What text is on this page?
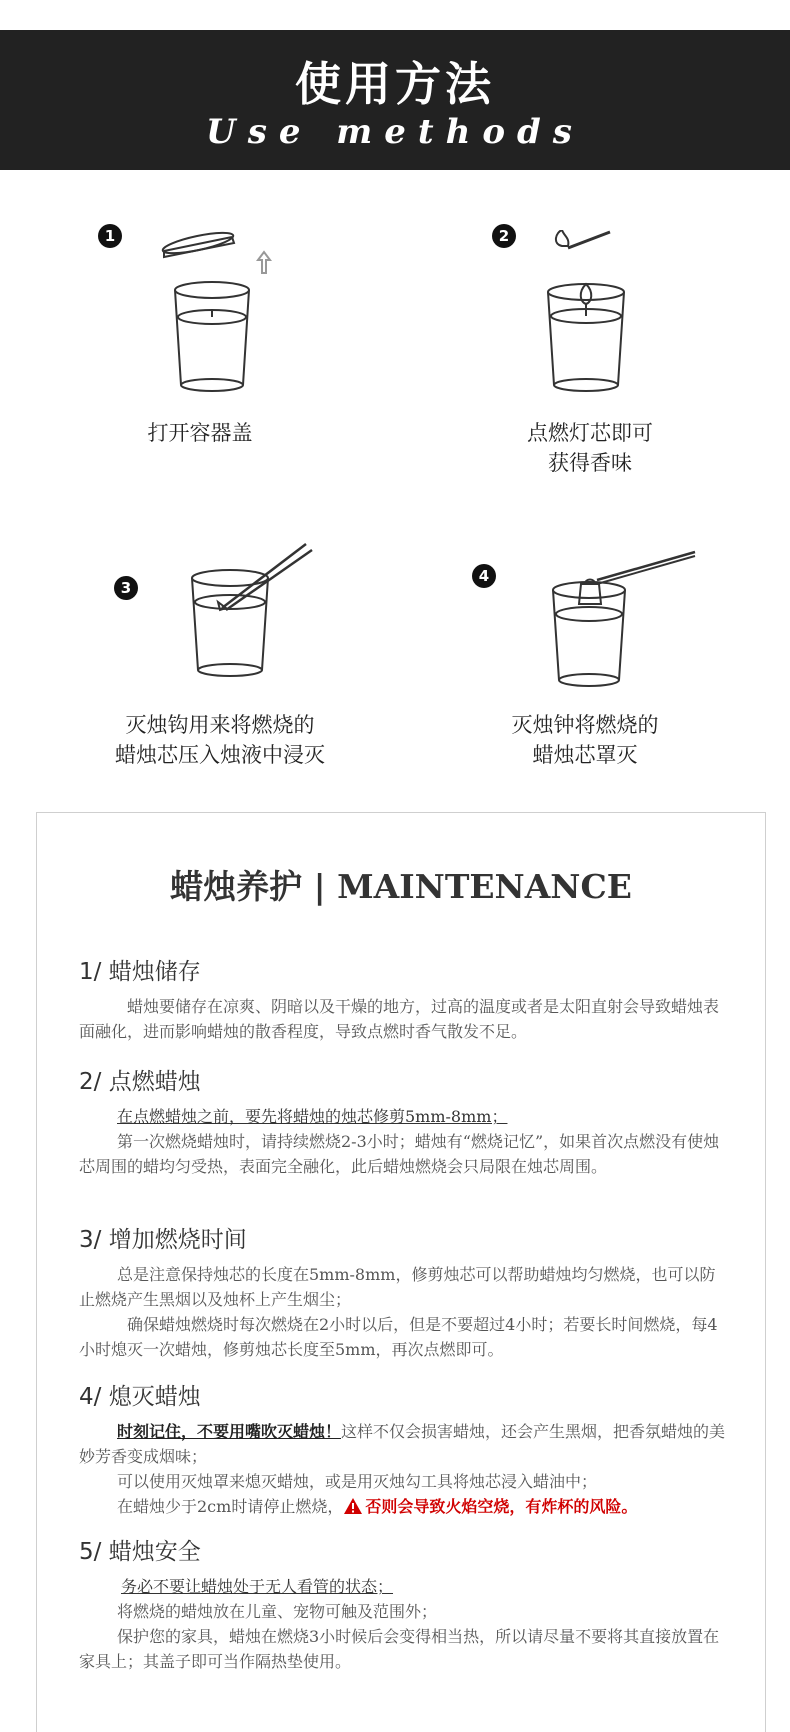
使用方法
Use methods
1
打开容器盖
2
点燃灯芯即可
获得香味
3
灭烛钩用来将燃烧的
蜡烛芯压入烛液中浸灭
4
灭烛钟将燃烧的
蜡烛芯罩灭
蜡烛养护 | MAINTENANCE
1/ 蜡烛储存

蜡烛要储存在凉爽、阴暗以及干燥的地方，过高的温度或者是太阳直射会导致蜡烛表面融化，进而影响蜡烛的散香程度，导致点燃时香气散发不足。

2/ 点燃蜡烛

在点燃蜡烛之前，要先将蜡烛的烛芯修剪5mm-8mm；

第一次燃烧蜡烛时，请持续燃烧2-3小时；蜡烛有“燃烧记忆”，如果首次点燃没有使烛芯周围的蜡均匀受热，表面完全融化，此后蜡烛燃烧会只局限在烛芯周围。

3/ 增加燃烧时间

总是注意保持烛芯的长度在5mm-8mm，修剪烛芯可以帮助蜡烛均匀燃烧，也可以防止燃烧产生黑烟以及烛杯上产生烟尘；

确保蜡烛燃烧时每次燃烧在2小时以后，但是不要超过4小时；若要长时间燃烧，每4小时熄灭一次蜡烛，修剪烛芯长度至5mm，再次点燃即可。

4/ 熄灭蜡烛

时刻记住，不要用嘴吹灭蜡烛！这样不仅会损害蜡烛，还会产生黑烟，把香氛蜡烛的美妙芳香变成烟味；

可以使用灭烛罩来熄灭蜡烛，或是用灭烛勾工具将烛芯浸入蜡油中；

在蜡烛少于2cm时请停止燃烧， 否则会导致火焰空烧，有炸杯的风险。

5/ 蜡烛安全

务必不要让蜡烛处于无人看管的状态；

将燃烧的蜡烛放在儿童、宠物可触及范围外；

保护您的家具，蜡烛在燃烧3小时候后会变得相当热，所以请尽量不要将其直接放置在家具上；其盖子即可当作隔热垫使用。
